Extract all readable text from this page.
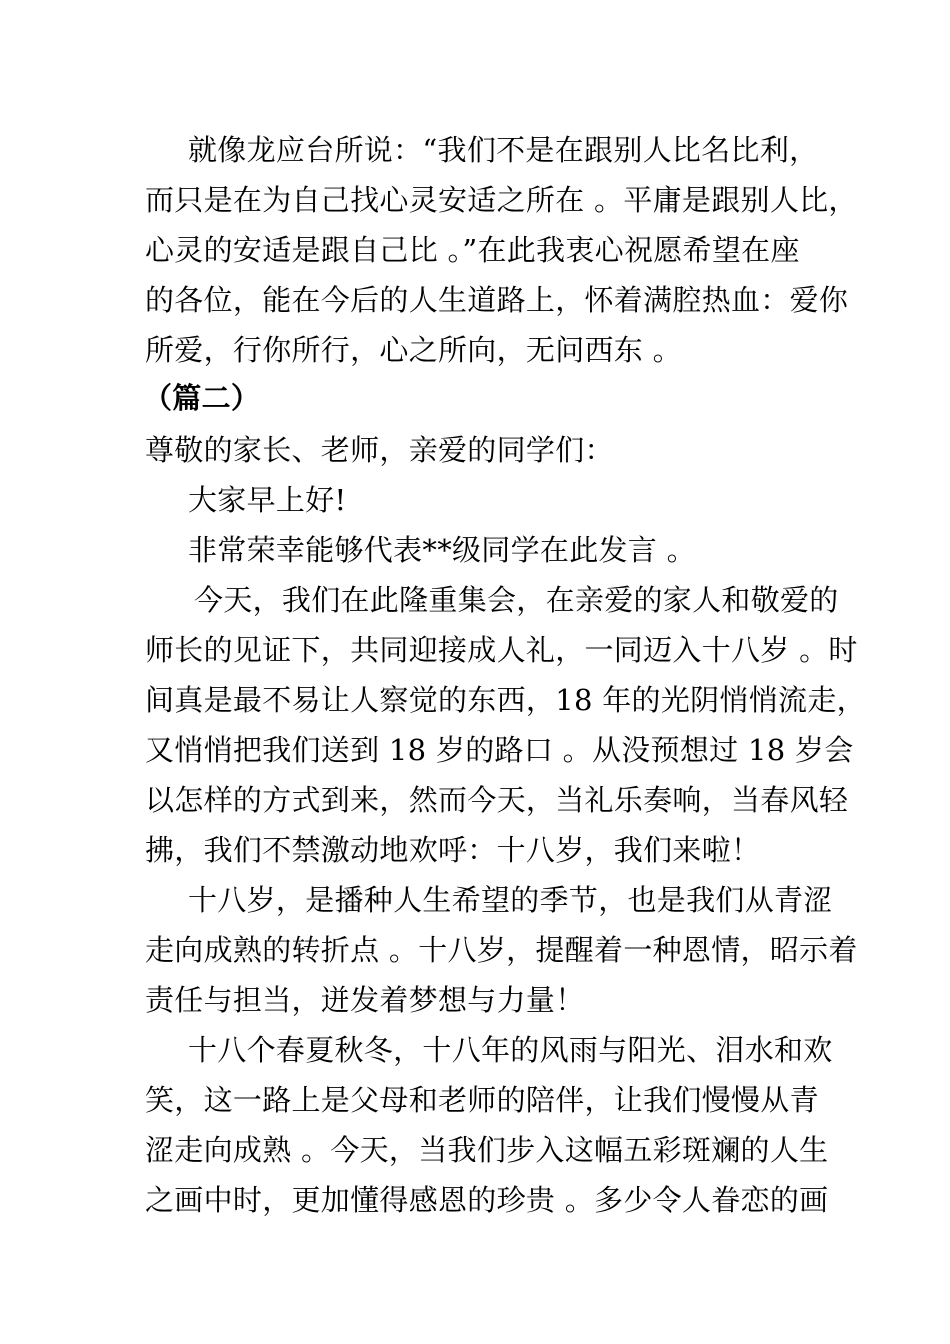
就像龙应台所说：“我们不是在跟别人比名比利，
而只是在为自己找心灵安适之所在 。平庸是跟别人比，
心灵的安适是跟自己比 。”在此我衷心祝愿希望在座
的各位，能在今后的人生道路上，怀着满腔热血：爱你
所爱，行你所行，心之所向，无问西东 。
（篇二）
尊敬的家长、老师，亲爱的同学们：
大家早上好!
非常荣幸能够代表**级同学在此发言 。
今天，我们在此隆重集会，在亲爱的家人和敬爱的
师长的见证下，共同迎接成人礼，一同迈入十八岁 。时
间真是最不易让人察觉的东西，18 年的光阴悄悄流走，
又悄悄把我们送到 18 岁的路口 。从没预想过 18 岁会
以怎样的方式到来，然而今天，当礼乐奏响，当春风轻
拂，我们不禁激动地欢呼：十八岁，我们来啦！
十八岁，是播种人生希望的季节，也是我们从青涩
走向成熟的转折点 。十八岁，提醒着一种恩情，昭示着
责任与担当，迸发着梦想与力量！
十八个春夏秋冬，十八年的风雨与阳光、泪水和欢
笑，这一路上是父母和老师的陪伴，让我们慢慢从青
涩走向成熟 。今天，当我们步入这幅五彩斑斓的人生
之画中时，更加懂得感恩的珍贵 。多少令人眷恋的画
